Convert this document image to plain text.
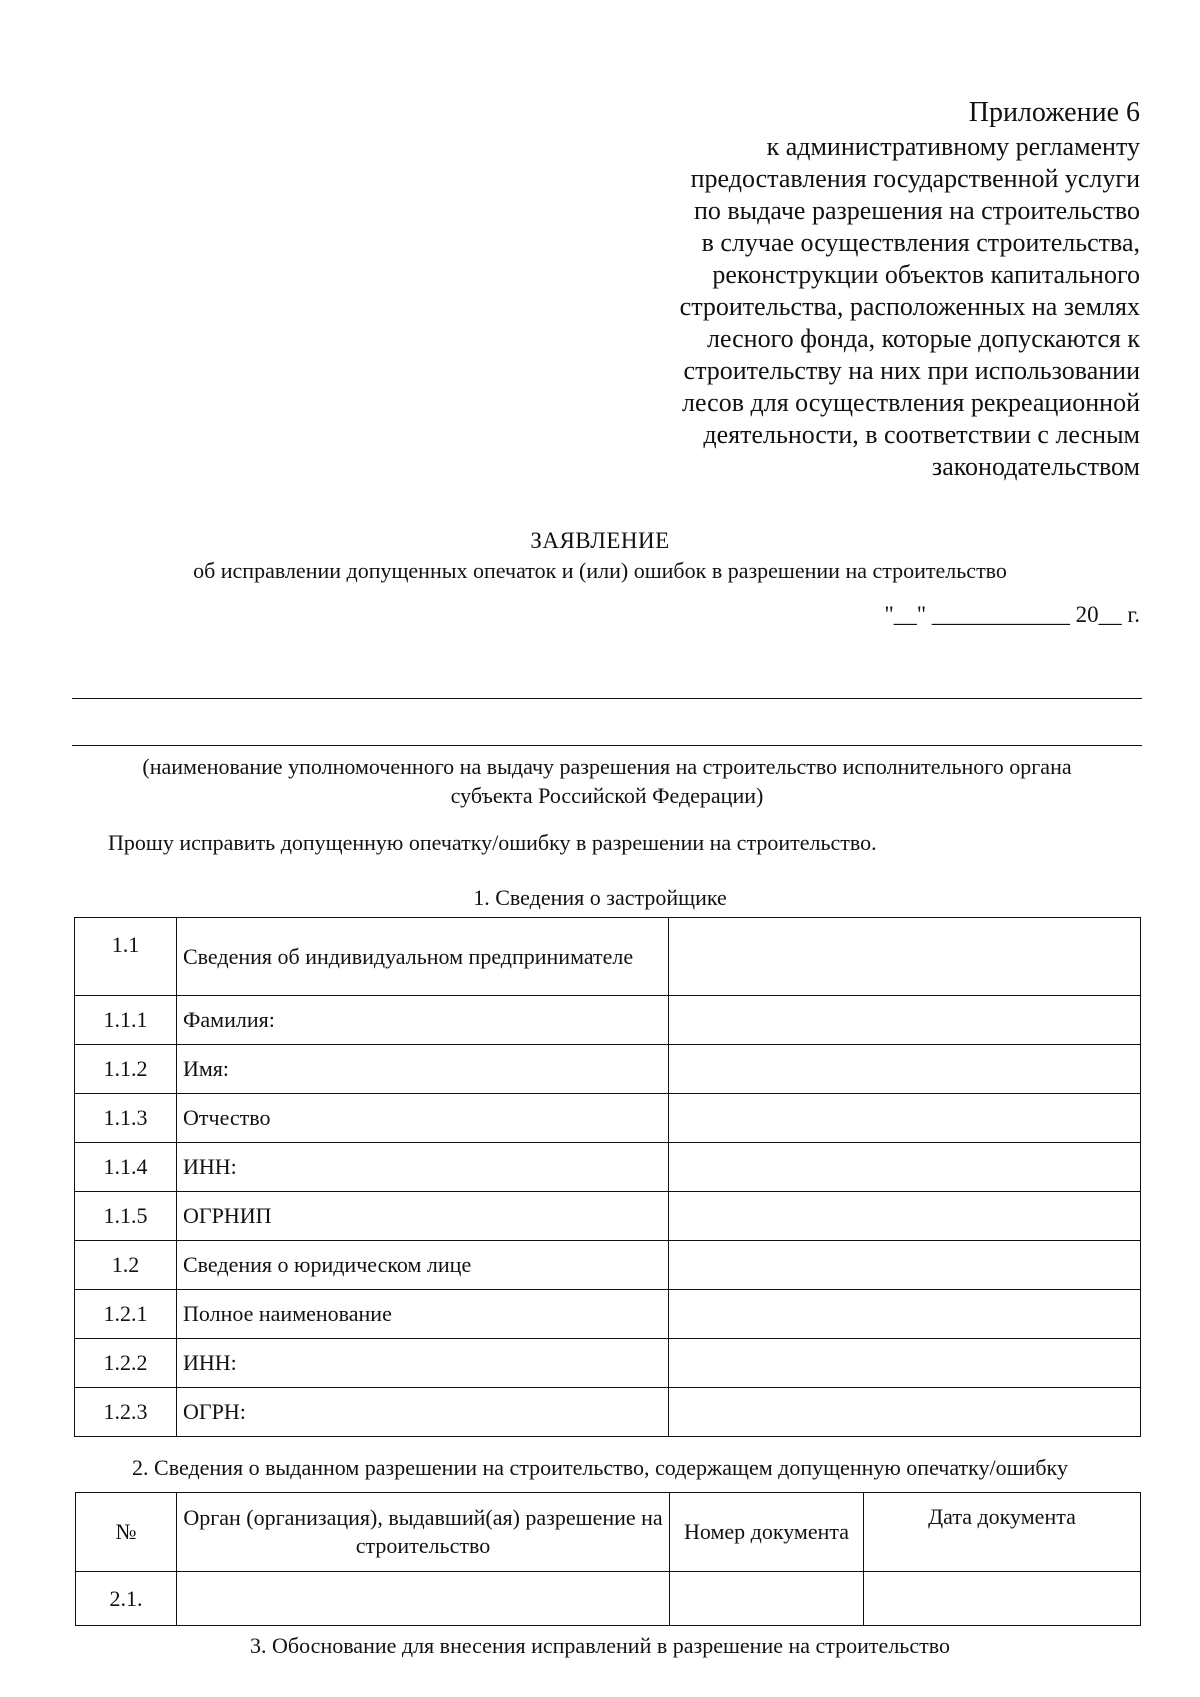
Приложение 6
к административному регламенту
предоставления государственной услуги
по выдаче разрешения на строительство
в случае осуществления строительства,
реконструкции объектов капитального
строительства, расположенных на землях
лесного фонда, которые допускаются к
строительству на них при использовании
лесов для осуществления рекреационной
деятельности, в соответствии с лесным
законодательством
ЗАЯВЛЕНИЕ
об исправлении допущенных опечаток и (или) ошибок в разрешении на строительство
"__" ____________ 20__ г.
(наименование уполномоченного на выдачу разрешения на строительство исполнительного органа
субъекта Российской Федерации)
Прошу исправить допущенную опечатку/ошибку в разрешении на строительство.
1. Сведения о застройщике
1.1	Сведения об индивидуальном предпринимателе	
1.1.1	Фамилия:	
1.1.2	Имя:	
1.1.3	Отчество	
1.1.4	ИНН:	
1.1.5	ОГРНИП	
1.2	Сведения о юридическом лице	
1.2.1	Полное наименование	
1.2.2	ИНН:	
1.2.3	ОГРН:	
2. Сведения о выданном разрешении на строительство, содержащем допущенную опечатку/ошибку
№	Орган (организация), выдавший(ая) разрешение на строительство	Номер документа	Дата документа
2.1.			
3. Обоснование для внесения исправлений в разрешение на строительство
